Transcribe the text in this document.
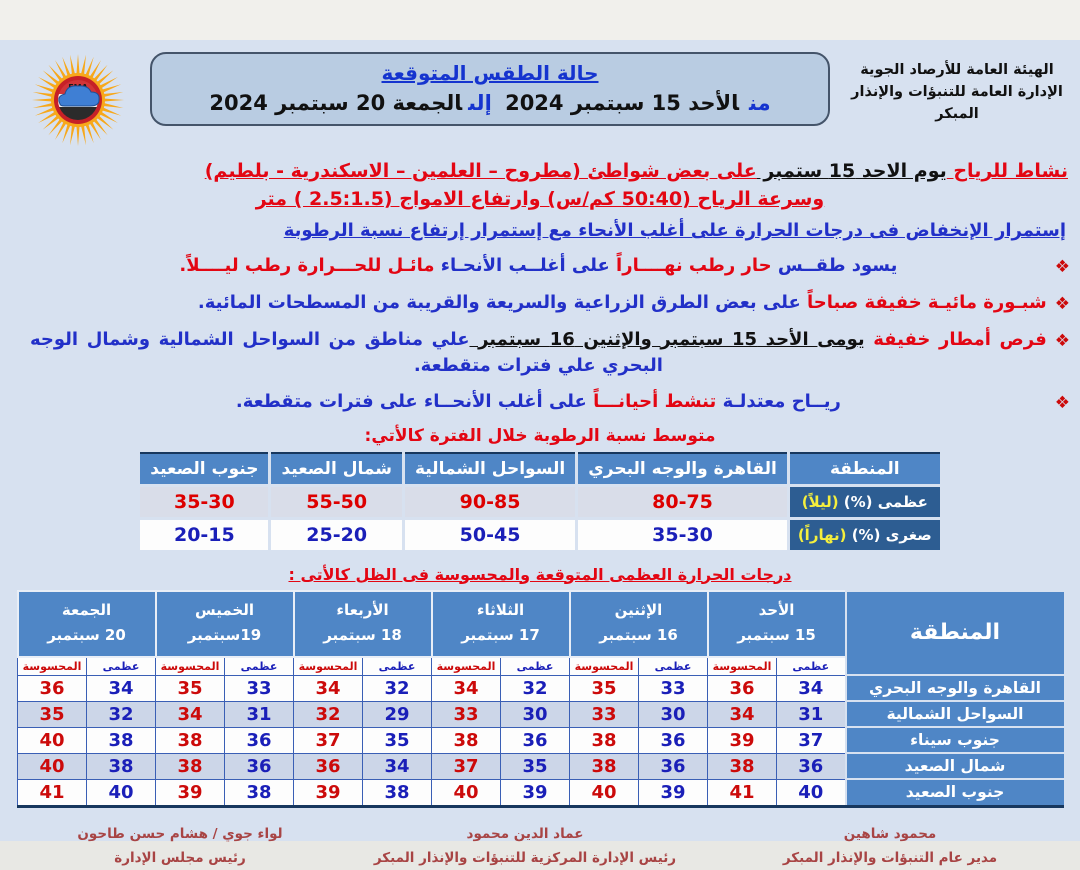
الهيئة العامة للأرصاد الجوية
الإدارة العامة للتنبؤات والإنذار المبكر
حالة الطقس المتوقعة
منالأحد 15 سبتمبر 2024 إلىالجمعة 20 سبتمبر 2024
نشاط للرياح يوم الاحد 15 ستمبر على بعض شواطئ (مطروح – العلمين – الاسكندرية - بلطيم)
وسرعة الرياح (50:40 كم/س) وارتفاع الامواج (2.5:1.5 ) متر
إستمرار الإنخفاض فى درجات الحرارة على أغلب الأنحاء مع إستمرار إرتفاع نسبة الرطوبة
❖
يسود طقــس حار رطب نهــــاراً على أغلــب الأنحـاء مائـل للحـــرارة رطب ليــــلاً.
❖
شبـورة مائيـة خفيفة صباحاً على بعض الطرق الزراعية والسريعة والقريبة من المسطحات المائية.
❖
فرص أمطار خفيفة يومى الأحد 15 سبتمبر والإثنين 16 سبتمبر علي مناطق من السواحل الشمالية وشمال الوجه البحري علي فترات متقطعة.
❖
ريــاح معتدلـة تنشط أحيانـــاً على أغلب الأنحــاء على فترات متقطعة.
متوسط نسبة الرطوبة خلال الفترة كالأتي:
المنطقة	القاهرة والوجه البحري	السواحل الشمالية	شمال الصعيد	جنوب الصعيد
عظمى (%) (ليلاً)	80-75	90-85	55-50	35-30
صغرى (%) (نهاراً)	35-30	50-45	25-20	20-15
درجات الحرارة العظمى المتوقعة والمحسوسة فى الظل كالأتى :
المنطقة	
الأحد
15 سبتمبر

الإثنين
16 سبتمبر

الثلاثاء
17 سبتمبر

الأربعاء
18 سبتمبر

الخميس
19سبتمبر

الجمعة
20 سبتمبر

	عظمى	المحسوسة	عظمى	المحسوسة	عظمى	المحسوسة	عظمى	المحسوسة	عظمى	المحسوسة	عظمى	المحسوسة
القاهرة والوجه البحري	34	36	33	35	32	34	32	34	33	35	34	36
السواحل الشمالية	31	34	30	33	30	33	29	32	31	34	32	35
جنوب سيناء	37	39	36	38	36	38	35	37	36	38	38	40
شمال الصعيد	36	38	36	38	35	37	34	36	36	38	38	40
جنوب الصعيد	40	41	39	40	39	40	38	39	38	39	40	41
محمود شاهين
مدير عام التنبؤات والإنذار المبكر
عماد الدين محمود
رئيس الإدارة المركزية للتنبؤات والإنذار المبكر
لواء جوي / هشام حسن طاحون
رئيس مجلس الإدارة
